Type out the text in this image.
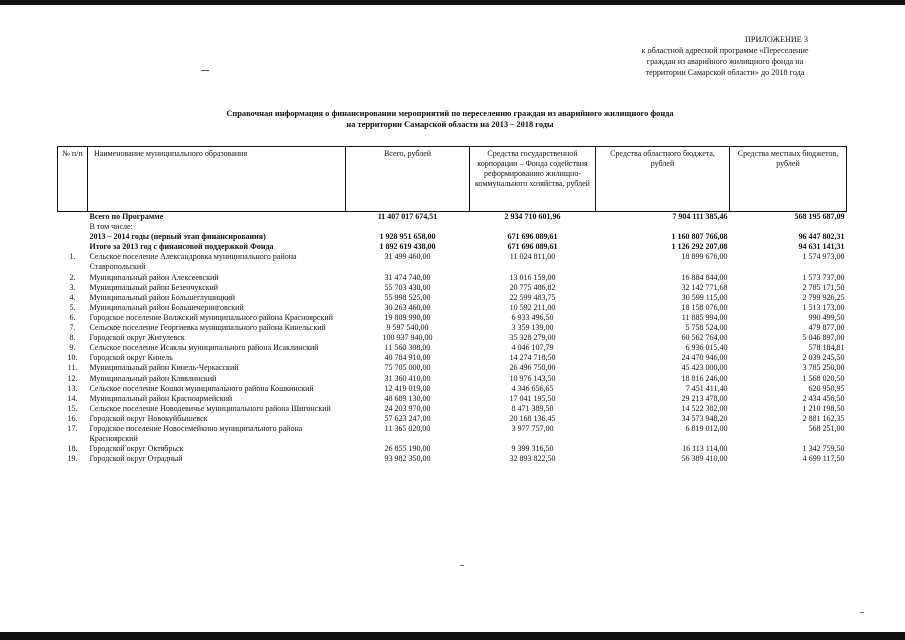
ПРИЛОЖЕНИЕ 3
к областной адресной программе «Переселение
граждан из аварийного жилищного фонда на
территории Самарской области» до 2018 года
Справочная информация о финансировании мероприятий по переселению граждан из аварийного жилищного фонда
на территории Самарской области на 2013 – 2018 годы
№ п/п	Наименование муниципального образования	Всего, рублей	Средства государственной корпорации – Фонда содействия реформированию жилищно-коммунального хозяйства, рублей	Средства областного бюджета, рублей	Средства местных бюджетов, рублей
	Всего по Программе	11 407 017 674,51	2 934 710 601,96	7 904 111 385,46	568 195 687,09
	В том числе:				
	2013 – 2014 годы (первый этап финансирования)	1 928 951 658,00	671 696 089,61	1 160 807 766,08	96 447 802,31
	Итого за 2013 год с финансовой поддержкой Фонда	1 892 619 438,00	671 696 089,61	1 126 292 207,08	94 631 141,31
1.	Сельское поселение Александровка муниципального района Ставропольский	31 499 460,00	11 024 811,00	18 899 676,00	1 574 973,00
2.	Муниципальный район Алексеевский	31 474 740,00	13 016 159,00	16 884 844,00	1 573 737,00
3.	Муниципальный район Безенчукский	55 703 430,00	20 775 486,82	32 142 771,68	2 785 171,50
4.	Муниципальный район Большеглушицкий	55 998 525,00	22 599 483,75	30 599 115,00	2 799 926,25
5.	Муниципальный район Большечерниговский	30 263 460,00	10 592 211,00	18 158 076,00	1 513 173,00
6.	Городское поселение Волжский муниципального района Красноярский	19 809 990,00	6 933 496,50	11 885 994,00	990 499,50
7.	Сельское поселение Георгиевка муниципального района Кинельский	9 597 540,00	3 359 139,00	5 758 524,00	479 877,00
8.	Городской округ Жигулевск	100 937 940,00	35 328 279,00	60 562 764,00	5 046 897,00
9.	Сельское поселение Исаклы муниципального района Исаклинский	11 560 308,00	4 046 107,79	6 936 015,40	578 184,81
10.	Городской округ Кинель	40 784 910,00	14 274 718,50	24 470 946,00	2 039 245,50
11.	Муниципальный район Кинель-Черкасский	75 705 000,00	26 496 750,00	45 423 000,00	3 785 250,00
12.	Муниципальный район Клявлинский	31 360 410,00	10 976 143,50	18 816 246,00	1 568 020,50
13.	Сельское поселение Кошки муниципального района Кошкинский	12 419 019,00	4 346 656,65	7 451 411,40	620 950,95
14.	Муниципальный район Красноармейский	48 689 130,00	17 041 195,50	29 213 478,00	2 434 456,50
15.	Сельское поселение Новодевичье муниципального района Шигонский	24 203 970,00	8 471 389,50	14 522 382,00	1 210 198,50
16.	Городской округ Новокуйбышевск	57 623 247,00	20 168 136,45	34 573 948,20	2 881 162,35
17.	Городское поселение Новосемейкино муниципального района Красноярский	11 365 020,00	3 977 757,00	6 819 012,00	568 251,00
18.	Городской округ Октябрьск	26 855 190,00	9 399 316,50	16 113 114,00	1 342 759,50
19.	Городской округ Отрадный	93 982 350,00	32 893 822,50	56 389 410,00	4 699 117,50
